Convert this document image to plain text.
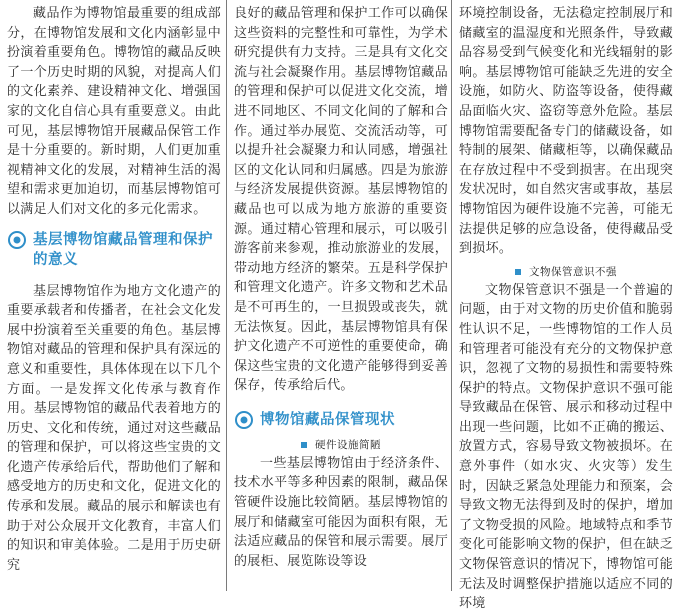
藏品作为博物馆最重要的组成部分，在博物馆发展和文化内涵彰显中扮演着重要角色。博物馆的藏品反映了一个历史时期的风貌，对提高人们的文化素养、建设精神文化、增强国家的文化自信心具有重要意义。由此可见，基层博物馆开展藏品保管工作是十分重要的。新时期，人们更加重视精神文化的发展，对精神生活的渴望和需求更加迫切，而基层博物馆可以满足人们对文化的多元化需求。

基层博物馆藏品管理和保护的意义

基层博物馆作为地方文化遗产的重要承载者和传播者，在社会文化发展中扮演着至关重要的角色。基层博物馆对藏品的管理和保护具有深远的意义和重要性，具体体现在以下几个方面。一是发挥文化传承与教育作用。基层博物馆的藏品代表着地方的历史、文化和传统，通过对这些藏品的管理和保护，可以将这些宝贵的文化遗产传承给后代，帮助他们了解和感受地方的历史和文化，促进文化的传承和发展。藏品的展示和解读也有助于对公众展开文化教育，丰富人们的知识和审美体验。二是用于历史研究

良好的藏品管理和保护工作可以确保这些资料的完整性和可靠性，为学术研究提供有力支持。三是具有文化交流与社会凝聚作用。基层博物馆藏品的管理和保护可以促进文化交流，增进不同地区、不同文化间的了解和合作。通过举办展览、交流活动等，可以提升社会凝聚力和认同感，增强社区的文化认同和归属感。四是为旅游与经济发展提供资源。基层博物馆的藏品也可以成为地方旅游的重要资源。通过精心管理和展示，可以吸引游客前来参观，推动旅游业的发展，带动地方经济的繁荣。五是科学保护和管理文化遗产。许多文物和艺术品是不可再生的，一旦损毁或丧失，就无法恢复。因此，基层博物馆具有保护文化遗产不可逆性的重要使命，确保这些宝贵的文化遗产能够得到妥善保存，传承给后代。

博物馆藏品保管现状
硬件设施简陋

一些基层博物馆由于经济条件、技术水平等多种因素的限制，藏品保管硬件设施比较简陋。基层博物馆的展厅和储藏室可能因为面积有限，无法适应藏品的保管和展示需要。展厅的展柜、展览陈设等设

环境控制设备，无法稳定控制展厅和储藏室的温湿度和光照条件，导致藏品容易受到气候变化和光线辐射的影响。基层博物馆可能缺乏先进的安全设施，如防火、防盗等设备，使得藏品面临火灾、盗窃等意外危险。基层博物馆需要配备专门的储藏设备，如特制的展架、储藏柜等，以确保藏品在存放过程中不受到损害。在出现突发状况时，如自然灾害或事故，基层博物馆因为硬件设施不完善，可能无法提供足够的应急设备，使得藏品受到损坏。

文物保管意识不强

文物保管意识不强是一个普遍的问题，由于对文物的历史价值和脆弱性认识不足，一些博物馆的工作人员和管理者可能没有充分的文物保护意识，忽视了文物的易损性和需要特殊保护的特点。文物保护意识不强可能导致藏品在保管、展示和移动过程中出现一些问题，比如不正确的搬运、放置方式，容易导致文物被损坏。在意外事件（如水灾、火灾等）发生时，因缺乏紧急处理能力和预案，会导致文物无法得到及时的保护，增加了文物受损的风险。地域特点和季节变化可能影响文物的保护，但在缺乏文物保管意识的情况下，博物馆可能无法及时调整保护措施以适应不同的环境
